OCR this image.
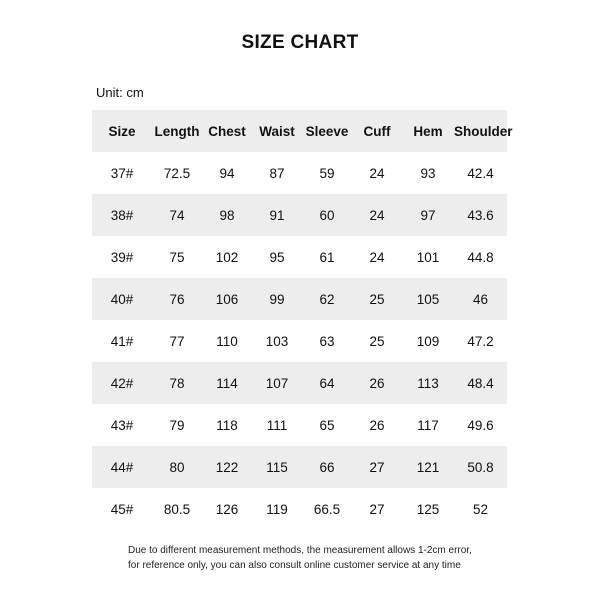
SIZE CHART
Unit: cm
Size	Length	Chest	Waist	Sleeve	Cuff	Hem	Shoulder
37#	72.5	94	87	59	24	93	42.4
38#	74	98	91	60	24	97	43.6
39#	75	102	95	61	24	101	44.8
40#	76	106	99	62	25	105	46
41#	77	110	103	63	25	109	47.2
42#	78	114	107	64	26	113	48.4
43#	79	118	111	65	26	117	49.6
44#	80	122	115	66	27	121	50.8
45#	80.5	126	119	66.5	27	125	52
Due to different measurement methods, the measurement allows 1-2cm error,
for reference only, you can also consult online customer service at any time
